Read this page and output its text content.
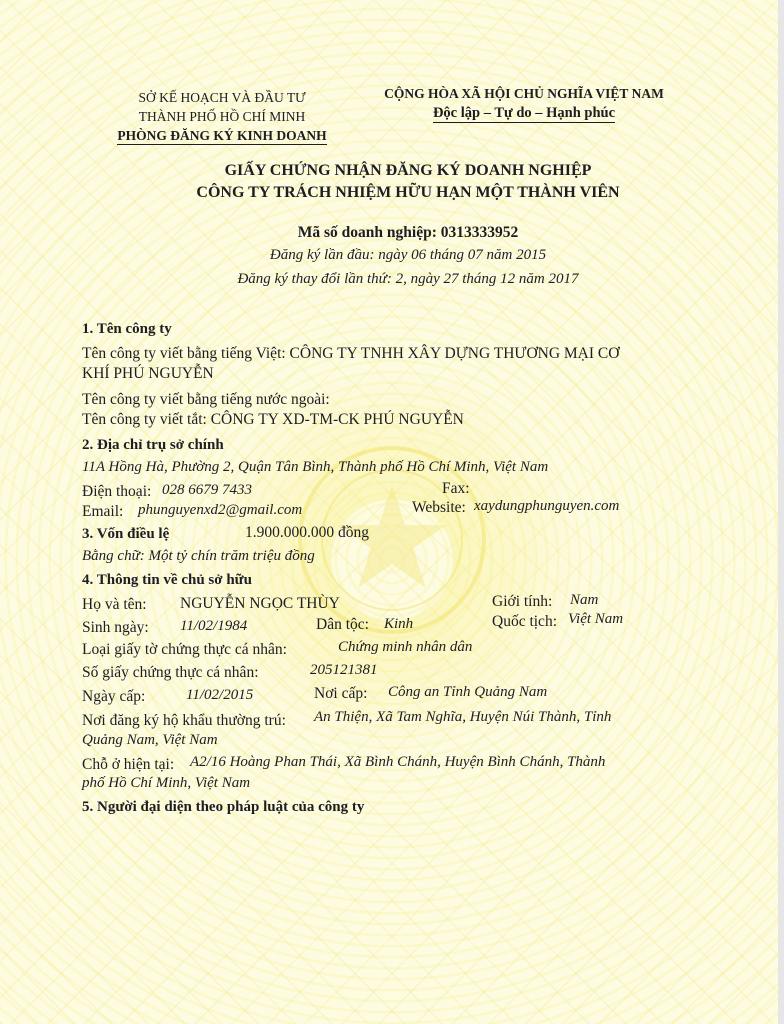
SỞ KẾ HOẠCH VÀ ĐẦU TƯ
THÀNH PHỐ HỒ CHÍ MINH
PHÒNG ĐĂNG KÝ KINH DOANH
CỘNG HÒA XÃ HỘI CHỦ NGHĨA VIỆT NAM
Độc lập – Tự do – Hạnh phúc
GIẤY CHỨNG NHẬN ĐĂNG KÝ DOANH NGHIỆP
CÔNG TY TRÁCH NHIỆM HỮU HẠN MỘT THÀNH VIÊN
Mã số doanh nghiệp: 0313333952
Đăng ký lần đầu: ngày 06 tháng 07 năm 2015
Đăng ký thay đổi lần thứ: 2, ngày 27 tháng 12 năm 2017
1. Tên công ty
Tên công ty viết bằng tiếng Việt: CÔNG TY TNHH XÂY DỰNG THƯƠNG MẠI CƠ
KHÍ PHÚ NGUYỄN
Tên công ty viết bằng tiếng nước ngoài:
Tên công ty viết tắt: CÔNG TY XD-TM-CK PHÚ NGUYỄN
2. Địa chỉ trụ sở chính
11A Hồng Hà, Phường 2, Quận Tân Bình, Thành phố Hồ Chí Minh, Việt Nam
Điện thoại: 028 6679 7433	Fax:
Email: phunguyenxd2@gmail.com	Website: xaydungphunguyen.com
3. Vốn điều lệ	1.900.000.000 đồng
Bằng chữ: Một tỷ chín trăm triệu đồng
4. Thông tin về chủ sở hữu
Họ và tên: NGUYỄN NGỌC THÙY	Giới tính: Nam
Sinh ngày: 11/02/1984	Dân tộc: Kinh	Quốc tịch: Việt Nam
Loại giấy tờ chứng thực cá nhân:	Chứng minh nhân dân
Số giấy chứng thực cá nhân:	205121381
Ngày cấp:	11/02/2015	Nơi cấp: Công an Tỉnh Quảng Nam
Nơi đăng ký hộ khẩu thường trú: An Thiện, Xã Tam Nghĩa, Huyện Núi Thành, Tỉnh
Quảng Nam, Việt Nam
Chỗ ở hiện tại: A2/16 Hoàng Phan Thái, Xã Bình Chánh, Huyện Bình Chánh, Thành
phố Hồ Chí Minh, Việt Nam
5. Người đại diện theo pháp luật của công ty
